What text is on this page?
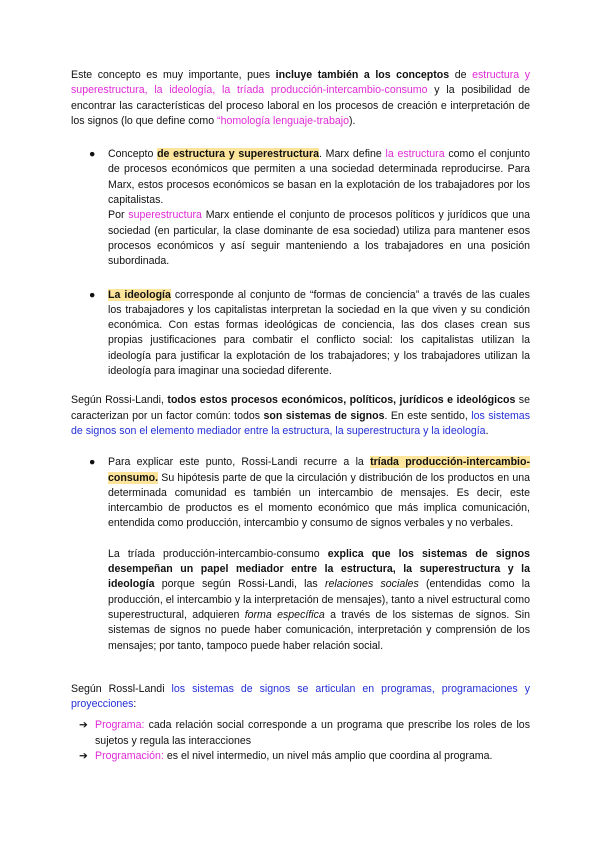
Este concepto es muy importante, pues incluye también a los conceptos de estructura y superestructura, la ideología, la tríada producción-intercambio-consumo y la posibilidad de encontrar las características del proceso laboral en los procesos de creación e interpretación de los signos (lo que define como “homología lenguaje-trabajo).

● Concepto de estructura y superestructura. Marx define la estructura como el conjunto de procesos económicos que permiten a una sociedad determinada reproducirse. Para Marx, estos procesos económicos se basan en la explotación de los trabajadores por los capitalistas.

Por superestructura Marx entiende el conjunto de procesos políticos y jurídicos que una sociedad (en particular, la clase dominante de esa sociedad) utiliza para mantener esos procesos económicos y así seguir manteniendo a los trabajadores en una posición subordinada.

● La ideología corresponde al conjunto de “formas de conciencia” a través de las cuales los trabajadores y los capitalistas interpretan la sociedad en la que viven y su condición económica. Con estas formas ideológicas de conciencia, las dos clases crean sus propias justificaciones para combatir el conflicto social: los capitalistas utilizan la ideología para justificar la explotación de los trabajadores; y los trabajadores utilizan la ideología para imaginar una sociedad diferente.

Según Rossi-Landi, todos estos procesos económicos, políticos, jurídicos e ideológicos se caracterizan por un factor común: todos son sistemas de signos. En este sentido, los sistemas de signos son el elemento mediador entre la estructura, la superestructura y la ideología.

● Para explicar este punto, Rossi-Landi recurre a la tríada producción-intercambio-consumo. Su hipótesis parte de que la circulación y distribución de los productos en una determinada comunidad es también un intercambio de mensajes. Es decir, este intercambio de productos es el momento económico que más implica comunicación, entendida como producción, intercambio y consumo de signos verbales y no verbales.

La tríada producción-intercambio-consumo explica que los sistemas de signos desempeñan un papel mediador entre la estructura, la superestructura y la ideología porque según Rossi-Landi, las relaciones sociales (entendidas como la producción, el intercambio y la interpretación de mensajes), tanto a nivel estructural como superestructural, adquieren forma específica a través de los sistemas de signos. Sin sistemas de signos no puede haber comunicación, interpretación y comprensión de los mensajes; por tanto, tampoco puede haber relación social.

Según Rossl-Landi los sistemas de signos se articulan en programas, programaciones y proyecciones:

➔ Programa: cada relación social corresponde a un programa que prescribe los roles de los sujetos y regula las interacciones
➔ Programación: es el nivel intermedio, un nivel más amplio que coordina al programa.
